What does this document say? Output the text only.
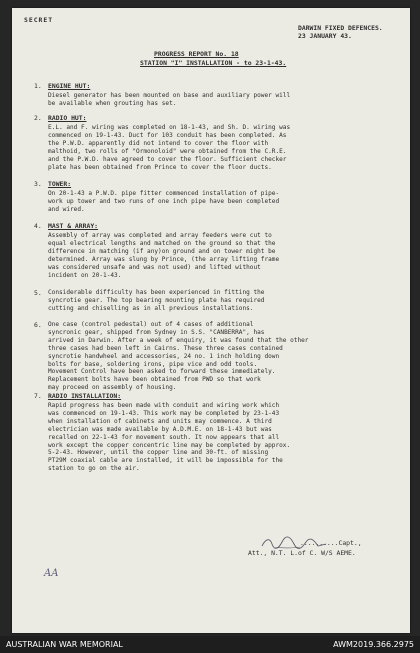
SECRET
DARWIN FIXED DEFENCES.
23 JANUARY 43.
PROGRESS REPORT No. 18
STATION "I" INSTALLATION - to 23-1-43.
1. ENGINE HUT:
Diesel generator has been mounted on base and auxiliary power will
be available when grouting has set.
2. RADIO HUT:
E.L. and F. wiring was completed on 18-1-43, and Sh. D. wiring was
commenced on 19-1-43. Duct for 103 conduit has been completed. As
the P.W.D. apparently did not intend to cover the floor with
malthoid, two rolls of "Ormonoloid" were obtained from the C.R.E.
and the P.W.D. have agreed to cover the floor. Sufficient checker
plate has been obtained from Prince to cover the floor ducts.
3. TOWER:
On 20-1-43 a P.W.D. pipe fitter commenced installation of pipe-
work up tower and two runs of one inch pipe have been completed
and wired.
4. MAST & ARRAY:
Assembly of array was completed and array feeders were cut to
equal electrical lengths and matched on the ground so that the
difference in matching (if any)on ground and on tower might be
determined. Array was slung by Prince, (the array lifting frame
was considered unsafe and was not used) and lifted without
incident on 20-1-43.
5. Considerable difficulty has been experienced in fitting the
syncrotie gear. The top bearing mounting plate has required
cutting and chiselling as in all previous installations.
6. One case (control pedestal) out of 4 cases of additional
syncronic gear, shipped from Sydney in S.S. "CANBERRA", has
arrived in Darwin. After a week of enquiry, it was found that the other
three cases had been left in Cairns. These three cases contained
syncrotie handwheel and accessories, 24 no. 1 inch holding down
bolts for base, soldering irons, pipe vice and odd tools.
Movement Control have been asked to forward these immediately.
Replacement bolts have been obtained from PWD so that work
may proceed on assembly of housing.
7. RADIO INSTALLATION:
Rapid progress has been made with conduit and wiring work which
was commenced on 19-1-43. This work may be completed by 23-1-43
when installation of cabinets and units may commence. A third
electrician was made available by A.D.M.E. on 18-1-43 but was
recalled on 22-1-43 for movement south. It now appears that all
work except the copper concentric line may be completed by approx.
5-2-43. However, until the copper line and 30-ft. of missing
PT29M coaxial cable are installed, it will be impossible for the
station to go on the air.
..........Capt.,
Att., N.T. L.of C. W/S AEME.
AA
AUSTRALIAN WAR MEMORIAL	AWM2019.366.2975
